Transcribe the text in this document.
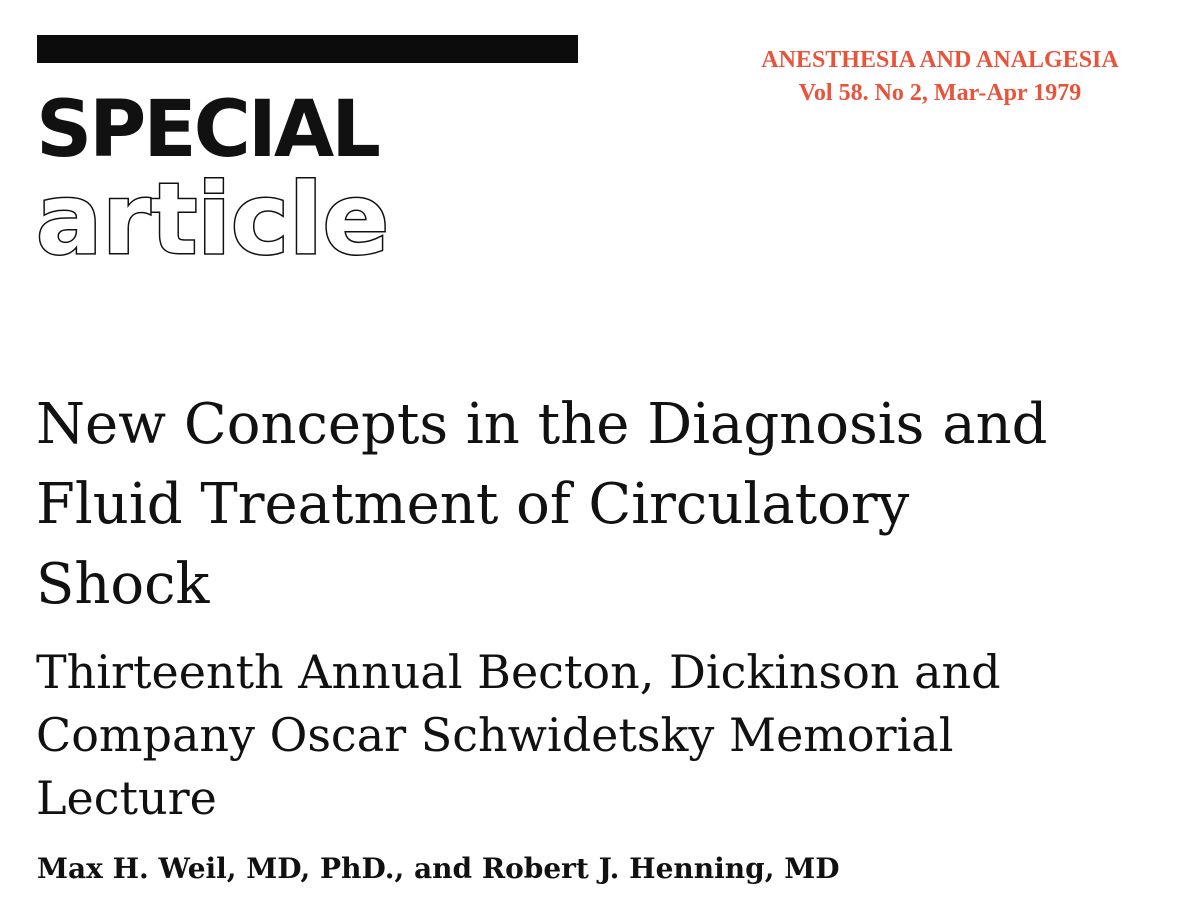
ANESTHESIA AND ANALGESIA
Vol 58. No 2, Mar-Apr 1979
SPECIAL
article
New Concepts in the Diagnosis and
Fluid Treatment of Circulatory
Shock
Thirteenth Annual Becton, Dickinson and
Company Oscar Schwidetsky Memorial
Lecture
Max H. Weil, MD, PhD., and Robert J. Henning, MD
